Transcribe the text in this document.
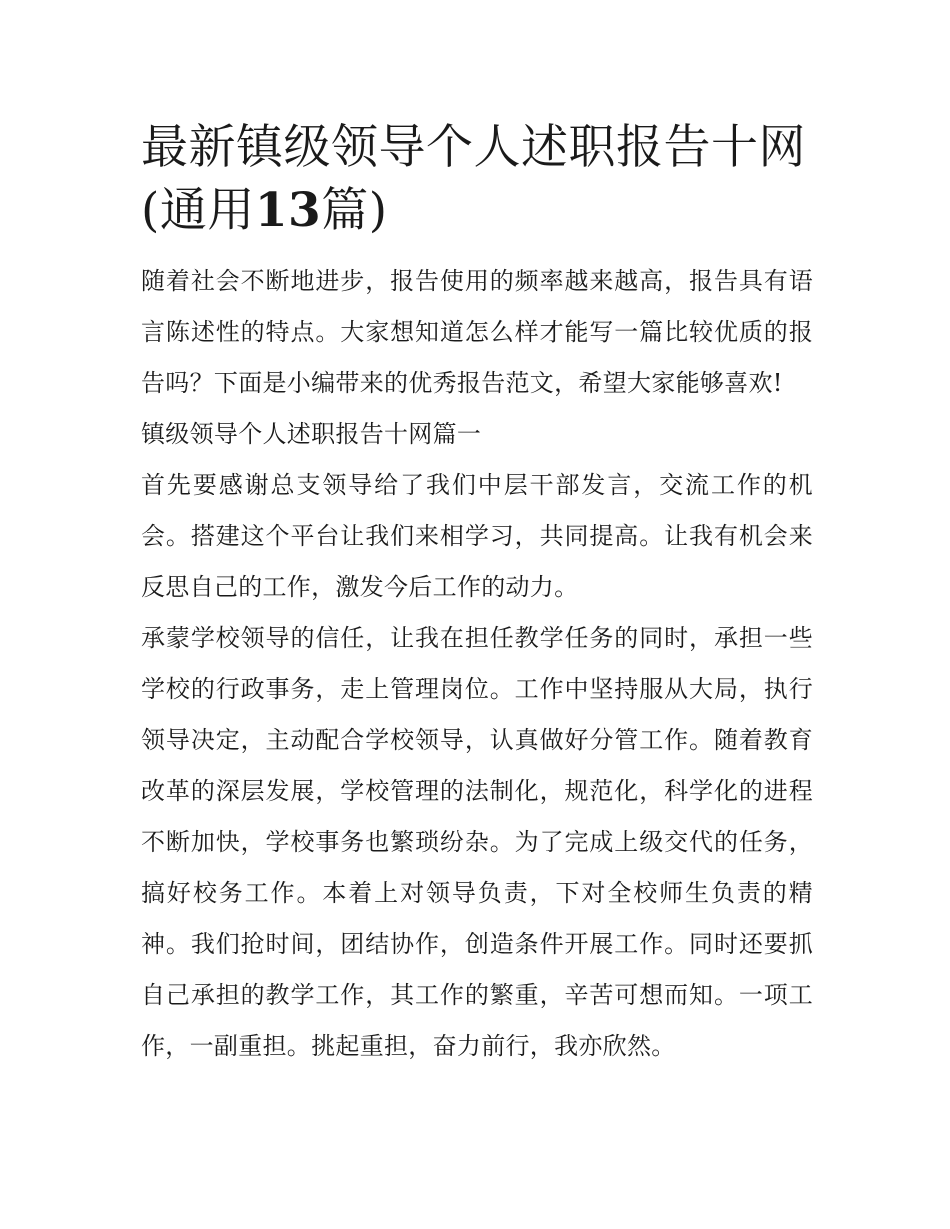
最新镇级领导个人述职报告十网(通用13篇)

随着社会不断地进步，报告使用的频率越来越高，报告具有语言陈述性的特点。大家想知道怎么样才能写一篇比较优质的报告吗？下面是小编带来的优秀报告范文，希望大家能够喜欢!

镇级领导个人述职报告十网篇一

首先要感谢总支领导给了我们中层干部发言，交流工作的机会。搭建这个平台让我们来相学习，共同提高。让我有机会来反思自己的工作，激发今后工作的动力。

承蒙学校领导的信任，让我在担任教学任务的同时，承担一些学校的行政事务，走上管理岗位。工作中坚持服从大局，执行领导决定，主动配合学校领导，认真做好分管工作。随着教育改革的深层发展，学校管理的法制化，规范化，科学化的进程不断加快，学校事务也繁琐纷杂。为了完成上级交代的任务，搞好校务工作。本着上对领导负责，下对全校师生负责的精神。我们抢时间，团结协作，创造条件开展工作。同时还要抓自己承担的教学工作，其工作的繁重，辛苦可想而知。一项工作，一副重担。挑起重担，奋力前行，我亦欣然。
